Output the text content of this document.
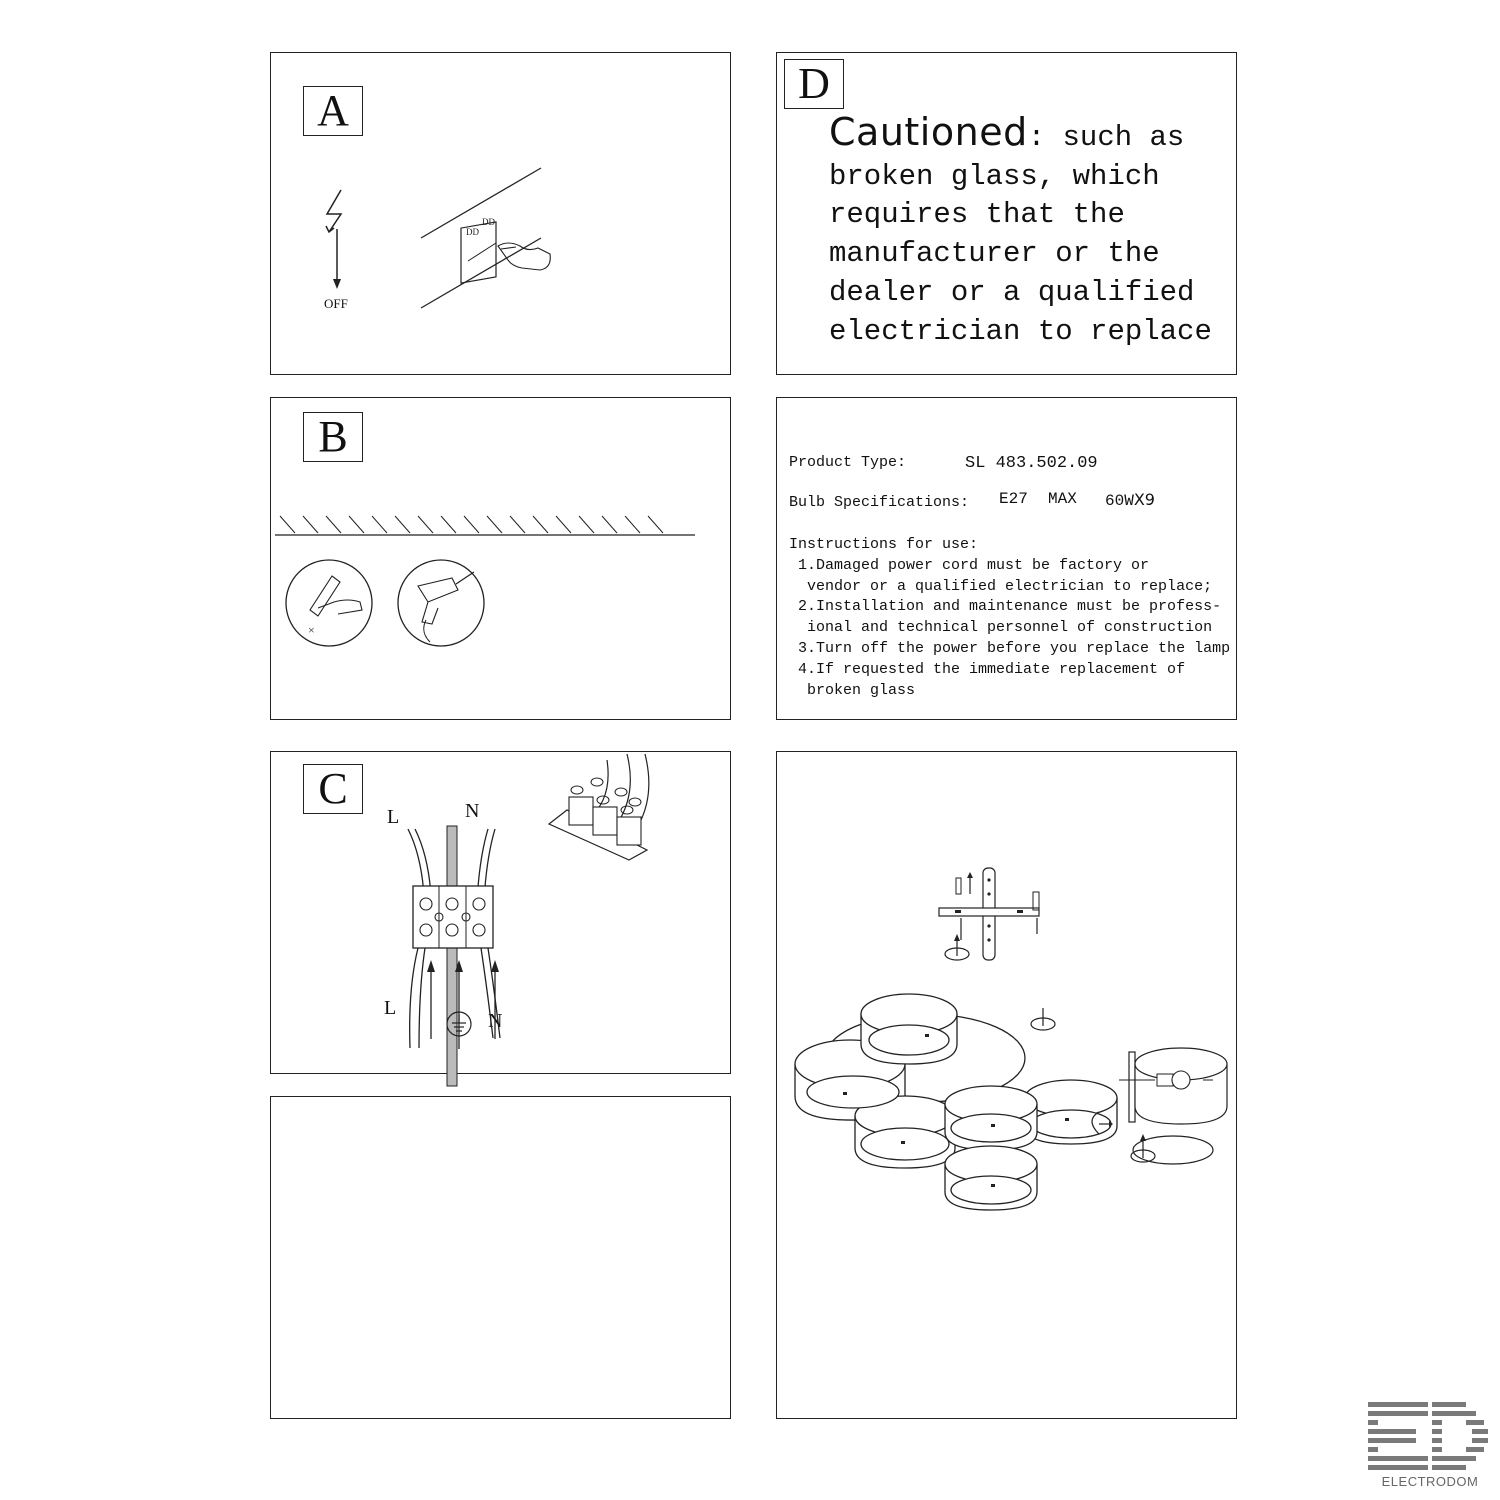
A
OFF
DD
DD
D
Cautioned: such as broken glass, which requires that the manufacturer or the dealer or a qualified electrician to replace
B
×
Product Type:	SL 483.502.09
Bulb Specifications: E27 MAX 60WX9
Instructions for use:
1.Damaged power cord must be factory or
vendor or a qualified electrician to replace;
2.Installation and maintenance must be profess-
ional and technical personnel of construction
3.Turn off the power before you replace the lamp
4.If requested the immediate replacement of
broken glass
C
L	N
L
N
ELECTRODOM
